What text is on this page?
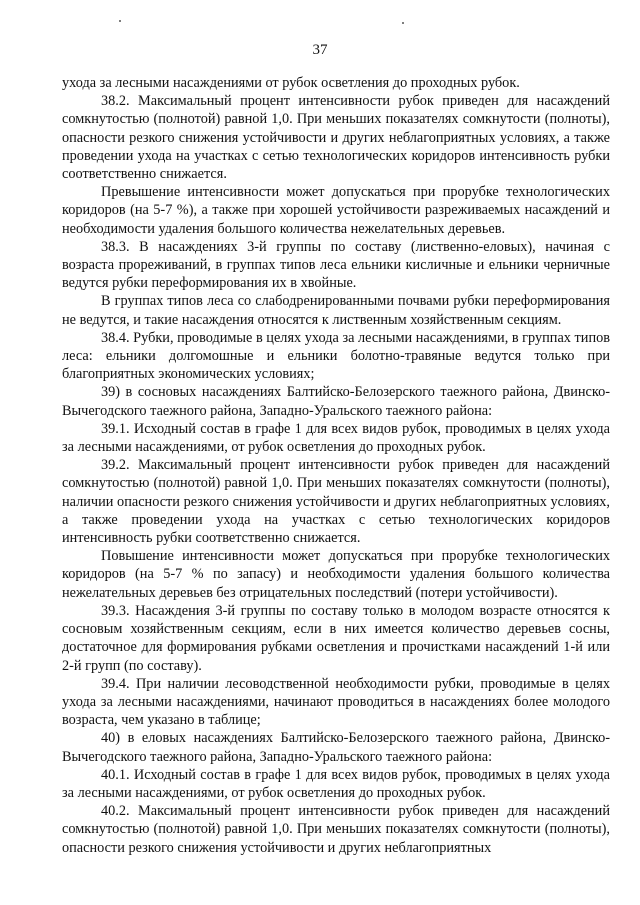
37

ухода за лесными насаждениями от рубок осветления до проходных рубок.

38.2. Максимальный процент интенсивности рубок приведен для насаждений сомкнутостью (полнотой) равной 1,0. При меньших показателях сомкнутости (полноты), опасности резкого снижения устойчивости и других неблагоприятных условиях, а также проведении ухода на участках с сетью технологических коридоров интенсивность рубки соответственно снижается.

Превышение интенсивности может допускаться при прорубке технологических коридоров (на 5-7 %), а также при хорошей устойчивости разреживаемых насаждений и необходимости удаления большого количества нежелательных деревьев.

38.3. В насаждениях 3-й группы по составу (лиственно-еловых), начиная с возраста прореживаний, в группах типов леса ельники кисличные и ельники черничные ведутся рубки переформирования их в хвойные.

В группах типов леса со слабодренированными почвами рубки переформирования не ведутся, и такие насаждения относятся к лиственным хозяйственным секциям.

38.4. Рубки, проводимые в целях ухода за лесными насаждениями, в группах типов леса: ельники долгомошные и ельники болотно-травяные ведутся только при благоприятных экономических условиях;

39) в сосновых насаждениях Балтийско-Белозерского таежного района, Двинско-Вычегодского таежного района, Западно-Уральского таежного района:

39.1. Исходный состав в графе 1 для всех видов рубок, проводимых в целях ухода за лесными насаждениями, от рубок осветления до проходных рубок.

39.2. Максимальный процент интенсивности рубок приведен для насаждений сомкнутостью (полнотой) равной 1,0. При меньших показателях сомкнутости (полноты), наличии опасности резкого снижения устойчивости и других неблагоприятных условиях, а также проведении ухода на участках с сетью технологических коридоров интенсивность рубки соответственно снижается.

Повышение интенсивности может допускаться при прорубке технологических коридоров (на 5-7 % по запасу) и необходимости удаления большого количества нежелательных деревьев без отрицательных последствий (потери устойчивости).

39.3. Насаждения 3-й группы по составу только в молодом возрасте относятся к сосновым хозяйственным секциям, если в них имеется количество деревьев сосны, достаточное для формирования рубками осветления и прочистками насаждений 1-й или 2-й групп (по составу).

39.4. При наличии лесоводственной необходимости рубки, проводимые в целях ухода за лесными насаждениями, начинают проводиться в насаждениях более молодого возраста, чем указано в таблице;

40) в еловых насаждениях Балтийско-Белозерского таежного района, Двинско-Вычегодского таежного района, Западно-Уральского таежного района:

40.1. Исходный состав в графе 1 для всех видов рубок, проводимых в целях ухода за лесными насаждениями, от рубок осветления до проходных рубок.

40.2. Максимальный процент интенсивности рубок приведен для насаждений сомкнутостью (полнотой) равной 1,0. При меньших показателях сомкнутости (полноты), опасности резкого снижения устойчивости и других неблагоприятных
